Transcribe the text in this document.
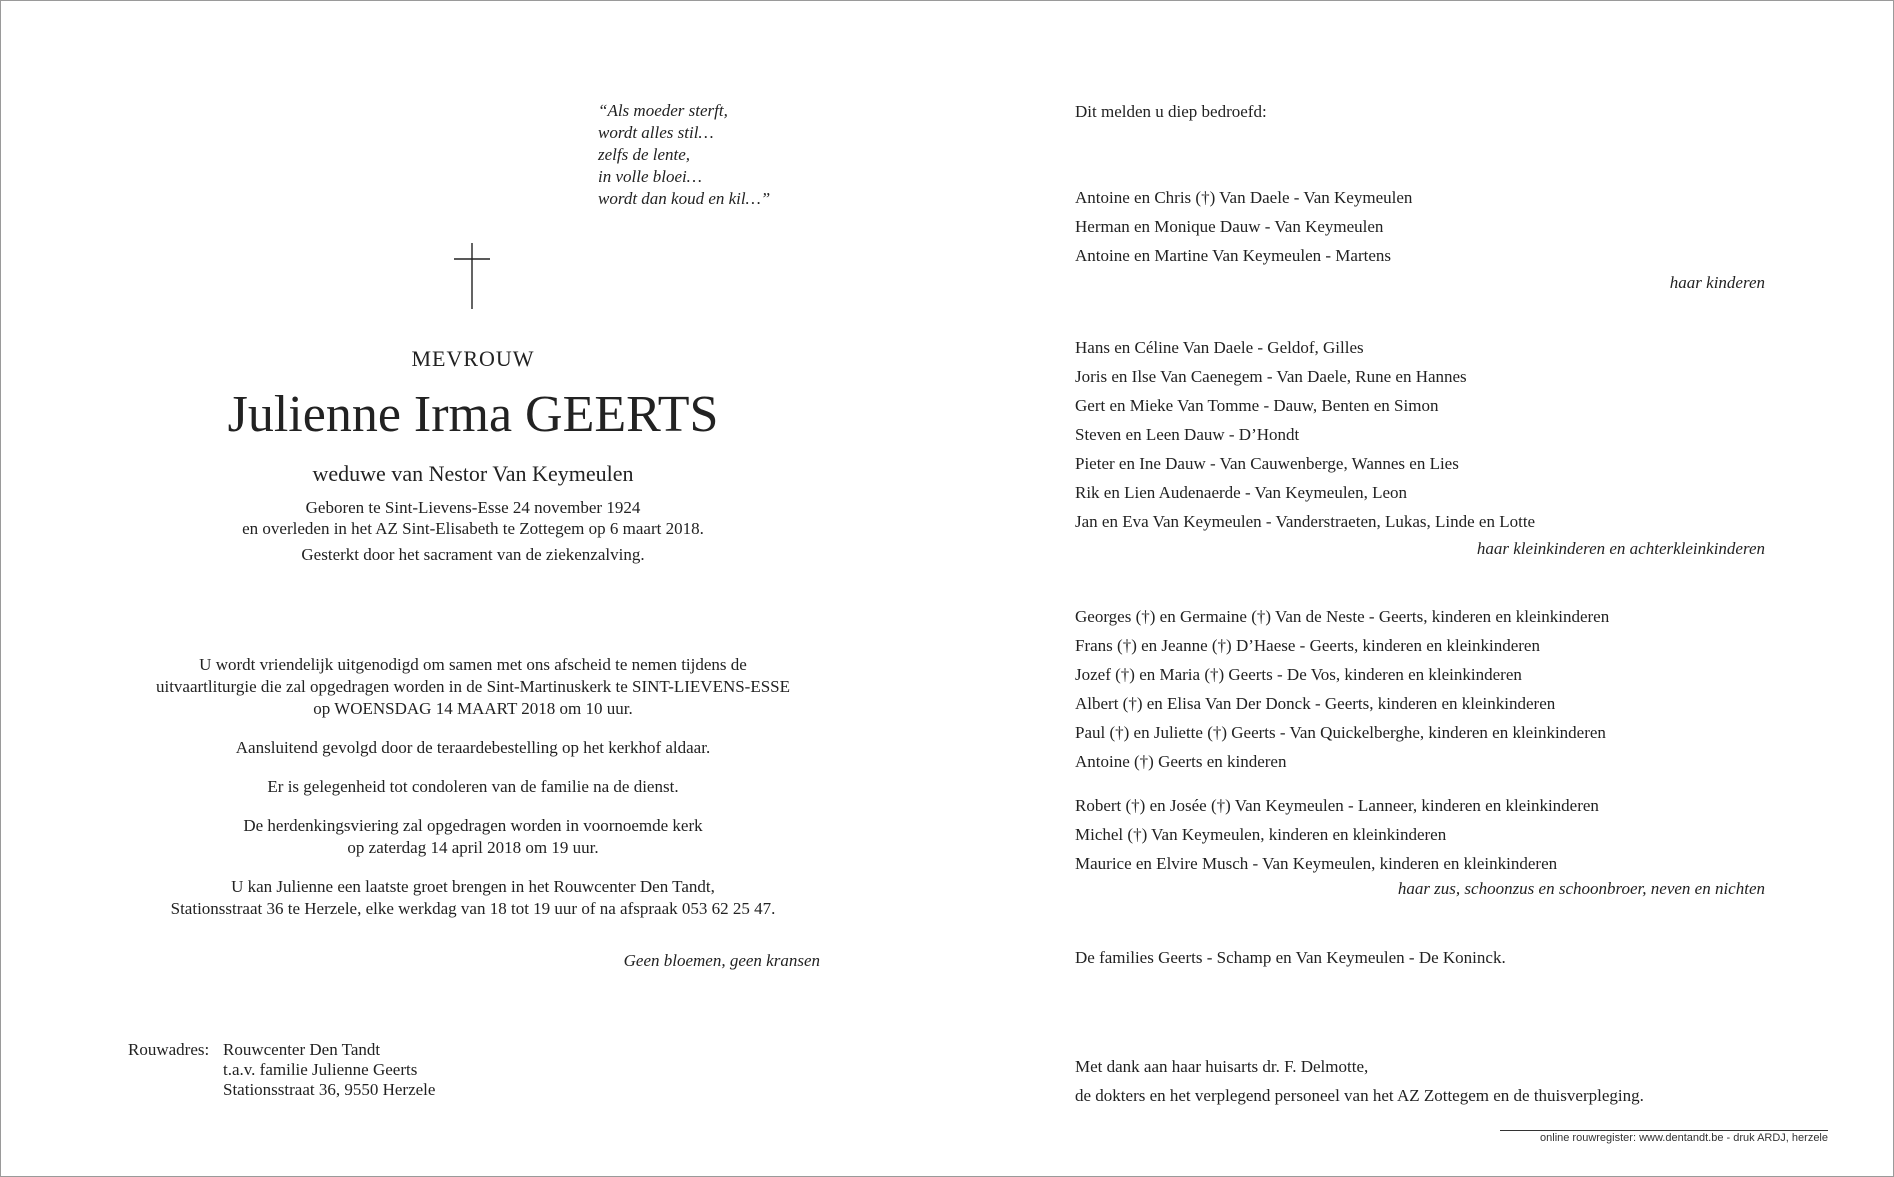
“Als moeder sterft,
wordt alles stil…
zelfs de lente,
in volle bloei…
wordt dan koud en kil…”
MEVROUW
Julienne Irma GEERTS
weduwe van Nestor Van Keymeulen
Geboren te Sint-Lievens-Esse 24 november 1924
en overleden in het AZ Sint-Elisabeth te Zottegem op 6 maart 2018.
Gesterkt door het sacrament van de ziekenzalving.
U wordt vriendelijk uitgenodigd om samen met ons afscheid te nemen tijdens de
uitvaartliturgie die zal opgedragen worden in de Sint-Martinuskerk te SINT-LIEVENS-ESSE
op WOENSDAG 14 MAART 2018 om 10 uur.
Aansluitend gevolgd door de teraardebestelling op het kerkhof aldaar.
Er is gelegenheid tot condoleren van de familie na de dienst.
De herdenkingsviering zal opgedragen worden in voornoemde kerk
op zaterdag 14 april 2018 om 19 uur.
U kan Julienne een laatste groet brengen in het Rouwcenter Den Tandt,
Stationsstraat 36 te Herzele, elke werkdag van 18 tot 19 uur of na afspraak 053 62 25 47.
Geen bloemen, geen kransen
Rouwadres: Rouwcenter Den Tandt
t.a.v. familie Julienne Geerts
Stationsstraat 36, 9550 Herzele
Dit melden u diep bedroefd:
Antoine en Chris (†) Van Daele - Van Keymeulen
Herman en Monique Dauw - Van Keymeulen
Antoine en Martine Van Keymeulen - Martens
haar kinderen
Hans en Céline Van Daele - Geldof, Gilles
Joris en Ilse Van Caenegem - Van Daele, Rune en Hannes
Gert en Mieke Van Tomme - Dauw, Benten en Simon
Steven en Leen Dauw - D’Hondt
Pieter en Ine Dauw - Van Cauwenberge, Wannes en Lies
Rik en Lien Audenaerde - Van Keymeulen, Leon
Jan en Eva Van Keymeulen - Vanderstraeten, Lukas, Linde en Lotte
haar kleinkinderen en achterkleinkinderen
Georges (†) en Germaine (†) Van de Neste - Geerts, kinderen en kleinkinderen
Frans (†) en Jeanne (†) D’Haese - Geerts, kinderen en kleinkinderen
Jozef (†) en Maria (†) Geerts - De Vos, kinderen en kleinkinderen
Albert (†) en Elisa Van Der Donck - Geerts, kinderen en kleinkinderen
Paul (†) en Juliette (†) Geerts - Van Quickelberghe, kinderen en kleinkinderen
Antoine (†) Geerts en kinderen
Robert (†) en Josée (†) Van Keymeulen - Lanneer, kinderen en kleinkinderen
Michel (†) Van Keymeulen, kinderen en kleinkinderen
Maurice en Elvire Musch - Van Keymeulen, kinderen en kleinkinderen
haar zus, schoonzus en schoonbroer, neven en nichten
De families Geerts - Schamp en Van Keymeulen - De Koninck.
Met dank aan haar huisarts dr. F. Delmotte,
de dokters en het verplegend personeel van het AZ Zottegem en de thuisverpleging.
online rouwregister: www.dentandt.be - druk ARDJ, herzele
